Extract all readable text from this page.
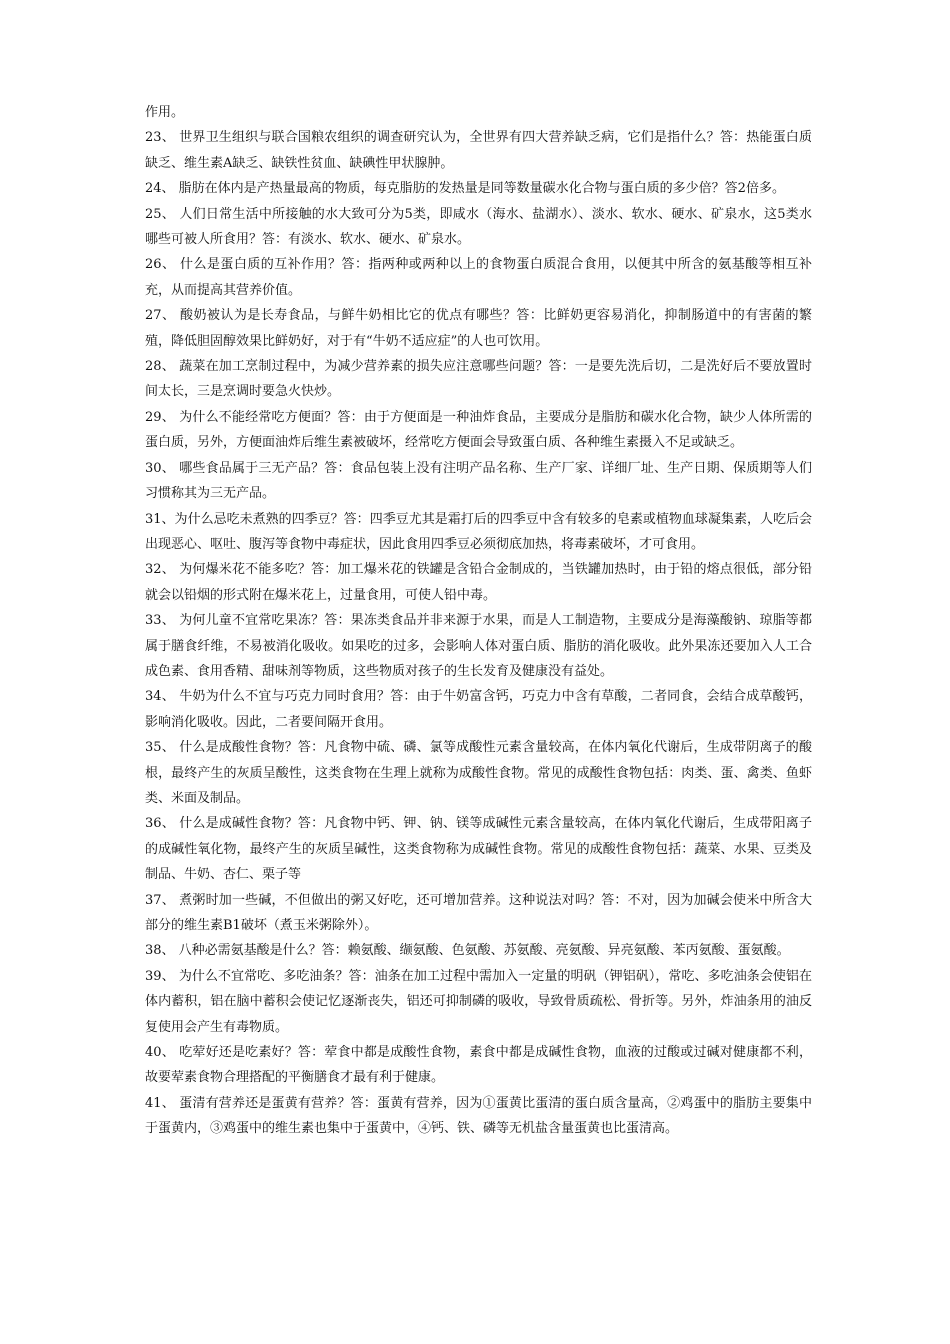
作用。

23、 世界卫生组织与联合国粮农组织的调查研究认为，全世界有四大营养缺乏病，它们是指什么？答：热能蛋白质缺乏、维生素A缺乏、缺铁性贫血、缺碘性甲状腺肿。

24、 脂肪在体内是产热量最高的物质，每克脂肪的发热量是同等数量碳水化合物与蛋白质的多少倍？答2倍多。

25、 人们日常生活中所接触的水大致可分为5类，即咸水（海水、盐湖水）、淡水、软水、硬水、矿泉水，这5类水哪些可被人所食用？答：有淡水、软水、硬水、矿泉水。

26、 什么是蛋白质的互补作用？答：指两种或两种以上的食物蛋白质混合食用，以便其中所含的氨基酸等相互补充，从而提高其营养价值。

27、 酸奶被认为是长寿食品，与鲜牛奶相比它的优点有哪些？答：比鲜奶更容易消化，抑制肠道中的有害菌的繁殖，降低胆固醇效果比鲜奶好，对于有“牛奶不适应症”的人也可饮用。

28、 蔬菜在加工烹制过程中，为减少营养素的损失应注意哪些问题？答：一是要先洗后切，二是洗好后不要放置时间太长，三是烹调时要急火快炒。

29、 为什么不能经常吃方便面？答：由于方便面是一种油炸食品，主要成分是脂肪和碳水化合物，缺少人体所需的蛋白质，另外，方便面油炸后维生素被破坏，经常吃方便面会导致蛋白质、各种维生素摄入不足或缺乏。

30、 哪些食品属于三无产品？答：食品包装上没有注明产品名称、生产厂家、详细厂址、生产日期、保质期等人们习惯称其为三无产品。

31、为什么忌吃未煮熟的四季豆？答：四季豆尤其是霜打后的四季豆中含有较多的皂素或植物血球凝集素，人吃后会出现恶心、呕吐、腹泻等食物中毒症状，因此食用四季豆必须彻底加热，将毒素破坏，才可食用。

32、 为何爆米花不能多吃？答：加工爆米花的铁罐是含铅合金制成的，当铁罐加热时，由于铅的熔点很低，部分铅就会以铅烟的形式附在爆米花上，过量食用，可使人铅中毒。

33、 为何儿童不宜常吃果冻？答：果冻类食品并非来源于水果，而是人工制造物，主要成分是海藻酸钠、琼脂等都属于膳食纤维，不易被消化吸收。如果吃的过多，会影响人体对蛋白质、脂肪的消化吸收。此外果冻还要加入人工合成色素、食用香精、甜味剂等物质，这些物质对孩子的生长发育及健康没有益处。

34、 牛奶为什么不宜与巧克力同时食用？答：由于牛奶富含钙，巧克力中含有草酸，二者同食，会结合成草酸钙，影响消化吸收。因此，二者要间隔开食用。

35、 什么是成酸性食物？答：凡食物中硫、磷、氯等成酸性元素含量较高，在体内氧化代谢后，生成带阴离子的酸根，最终产生的灰质呈酸性，这类食物在生理上就称为成酸性食物。常见的成酸性食物包括：肉类、蛋、禽类、鱼虾类、米面及制品。

36、 什么是成碱性食物？答：凡食物中钙、钾、钠、镁等成碱性元素含量较高，在体内氧化代谢后，生成带阳离子的成碱性氧化物，最终产生的灰质呈碱性，这类食物称为成碱性食物。常见的成酸性食物包括：蔬菜、水果、豆类及制品、牛奶、杏仁、栗子等

37、 煮粥时加一些碱，不但做出的粥又好吃，还可增加营养。这种说法对吗？答：不对，因为加碱会使米中所含大部分的维生素B1破坏（煮玉米粥除外）。

38、 八种必需氨基酸是什么？答：赖氨酸、缬氨酸、色氨酸、苏氨酸、亮氨酸、异亮氨酸、苯丙氨酸、蛋氨酸。

39、 为什么不宜常吃、多吃油条？答：油条在加工过程中需加入一定量的明矾（钾铝矾），常吃、多吃油条会使铝在体内蓄积，铝在脑中蓄积会使记忆逐渐丧失，铝还可抑制磷的吸收，导致骨质疏松、骨折等。另外，炸油条用的油反复使用会产生有毒物质。

40、 吃荤好还是吃素好？答：荤食中都是成酸性食物，素食中都是成碱性食物，血液的过酸或过碱对健康都不利，故要荤素食物合理搭配的平衡膳食才最有利于健康。

41、 蛋清有营养还是蛋黄有营养？答：蛋黄有营养，因为①蛋黄比蛋清的蛋白质含量高，②鸡蛋中的脂肪主要集中于蛋黄内，③鸡蛋中的维生素也集中于蛋黄中，④钙、铁、磷等无机盐含量蛋黄也比蛋清高。
